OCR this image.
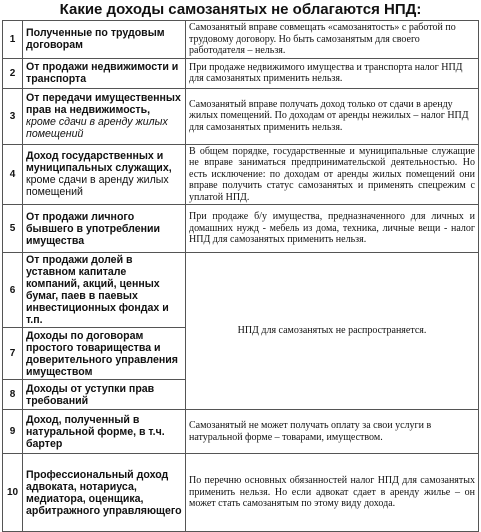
Какие доходы самозанятых не облагаются НПД:
1	Полученные по трудовым договорам	Самозанятый вправе совмещать «самозанятость» с работой по трудовому договору. Но быть самозанятым для своего работодателя – нельзя.
2	От продажи недвижимости и транспорта	При продаже недвижимого имущества и транспорта налог НПД для самозанятых применить нельзя.
3	От передачи имущественных прав на недвижимость, кроме сдачи в аренду жилых помещений	Самозанятый вправе получать доход только от сдачи в аренду жилых помещений. По доходам от аренды нежилых – налог НПД для самозанятых применить нельзя.
4	Доход государственных и муниципальных служащих, кроме сдачи в аренду жилых помещений	В общем порядке, государственные и муниципальные служащие не вправе заниматься предпринимательской деятельностью. Но есть исключение: по доходам от аренды жилых помещений они вправе получить статус самозанятых и применять спецрежим с уплатой НПД.
5	От продажи личного бывшего в употреблении имущества	При продаже б/у имущества, предназначенного для личных и домашних нужд - мебель из дома, техника, личные вещи - налог НПД для самозанятых применить нельзя.
6	От продажи долей в уставном капитале компаний, акций, ценных бумаг, паев в паевых инвестиционных фондах и т.п.	НПД для самозанятых не распространяется.
7	Доходы по договорам простого товарищества и доверительного управления имуществом	
8	Доходы от уступки прав требований	
9	Доход, полученный в натуральной форме, в т.ч. бартер	Самозанятый не может получать оплату за свои услуги в натуральной форме – товарами, имуществом.
10	Профессиональный доход адвоката, нотариуса, медиатора, оценщика, арбитражного управляющего	По перечню основных обязанностей налог НПД для самозанятых применить нельзя. Но если адвокат сдает в аренду жилье – он может стать самозанятым по этому виду дохода.
